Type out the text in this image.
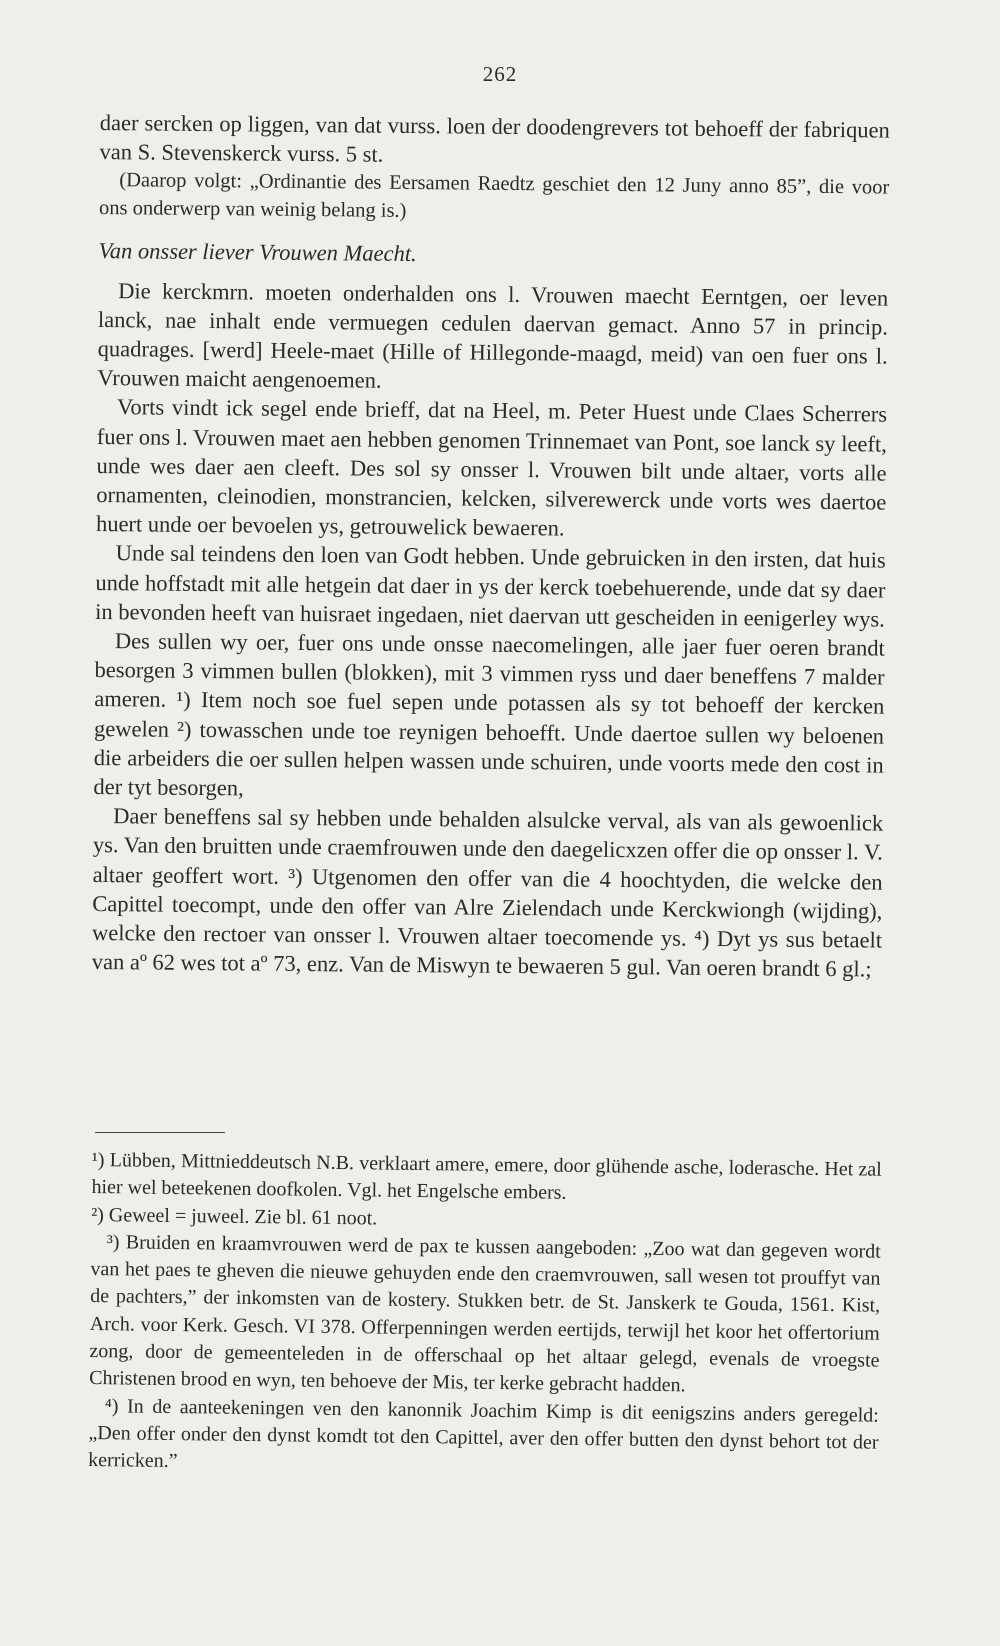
262

daer sercken op liggen, van dat vurss. loen der doodengrevers tot behoeff der fabriquen van S. Stevenskerck vurss. 5 st.

(Daarop volgt: „Ordinantie des Eersamen Raedtz geschiet den 12 Juny anno 85”, die voor ons onderwerp van weinig belang is.)

Van onsser liever Vrouwen Maecht.

Die kerckmrn. moeten onderhalden ons l. Vrouwen maecht Eerntgen, oer leven lanck, nae inhalt ende vermuegen cedulen daervan gemact. Anno 57 in princip. quadrages. [werd] Heele-maet (Hille of Hillegonde-maagd, meid) van oen fuer ons l. Vrouwen maicht aengenoemen.

Vorts vindt ick segel ende brieff, dat na Heel, m. Peter Huest unde Claes Scherrers fuer ons l. Vrouwen maet aen hebben genomen Trinnemaet van Pont, soe lanck sy leeft, unde wes daer aen cleeft. Des sol sy onsser l. Vrouwen bilt unde altaer, vorts alle ornamenten, cleinodien, monstrancien, kelcken, silverewerck unde vorts wes daertoe huert unde oer bevoelen ys, getrouwelick bewaeren.

Unde sal teindens den loen van Godt hebben. Unde gebruicken in den irsten, dat huis unde hoffstadt mit alle hetgein dat daer in ys der kerck toebehuerende, unde dat sy daer in bevonden heeft van huisraet ingedaen, niet daervan utt gescheiden in eenigerley wys.

Des sullen wy oer, fuer ons unde onsse naecomelingen, alle jaer fuer oeren brandt besorgen 3 vimmen bullen (blokken), mit 3 vimmen ryss und daer beneffens 7 malder ameren. ¹) Item noch soe fuel sepen unde potassen als sy tot behoeff der kercken gewelen ²) towasschen unde toe reynigen behoefft. Unde daertoe sullen wy beloenen die arbeiders die oer sullen helpen wassen unde schuiren, unde voorts mede den cost in der tyt besorgen,

Daer beneffens sal sy hebben unde behalden alsulcke verval, als van als gewoenlick ys. Van den bruitten unde craemfrouwen unde den daegelicxzen offer die op onsser l. V. altaer geoffert wort. ³) Utgenomen den offer van die 4 hoochtyden, die welcke den Capittel toecompt, unde den offer van Alre Zielendach unde Kerckwiongh (wijding), welcke den rectoer van onsser l. Vrouwen altaer toecomende ys. ⁴) Dyt ys sus betaelt van aº 62 wes tot aº 73, enz. Van de Miswyn te bewaeren 5 gul. Van oeren brandt 6 gl.;

¹) Lübben, Mittnieddeutsch N.B. verklaart amere, emere, door glühende asche, loderasche. Het zal hier wel beteekenen doofkolen. Vgl. het Engelsche embers.

²) Geweel = juweel. Zie bl. 61 noot.

³) Bruiden en kraamvrouwen werd de pax te kussen aangeboden: „Zoo wat dan gegeven wordt van het paes te gheven die nieuwe gehuyden ende den craemvrouwen, sall wesen tot prouffyt van de pachters,” der inkomsten van de kostery. Stukken betr. de St. Janskerk te Gouda, 1561. Kist, Arch. voor Kerk. Gesch. VI 378. Offerpenningen werden eertijds, terwijl het koor het offertorium zong, door de gemeenteleden in de offerschaal op het altaar gelegd, evenals de vroegste Christenen brood en wyn, ten behoeve der Mis, ter kerke gebracht hadden.

⁴) In de aanteekeningen ven den kanonnik Joachim Kimp is dit eenigszins anders geregeld: „Den offer onder den dynst komdt tot den Capittel, aver den offer butten den dynst behort tot der kerricken.”
